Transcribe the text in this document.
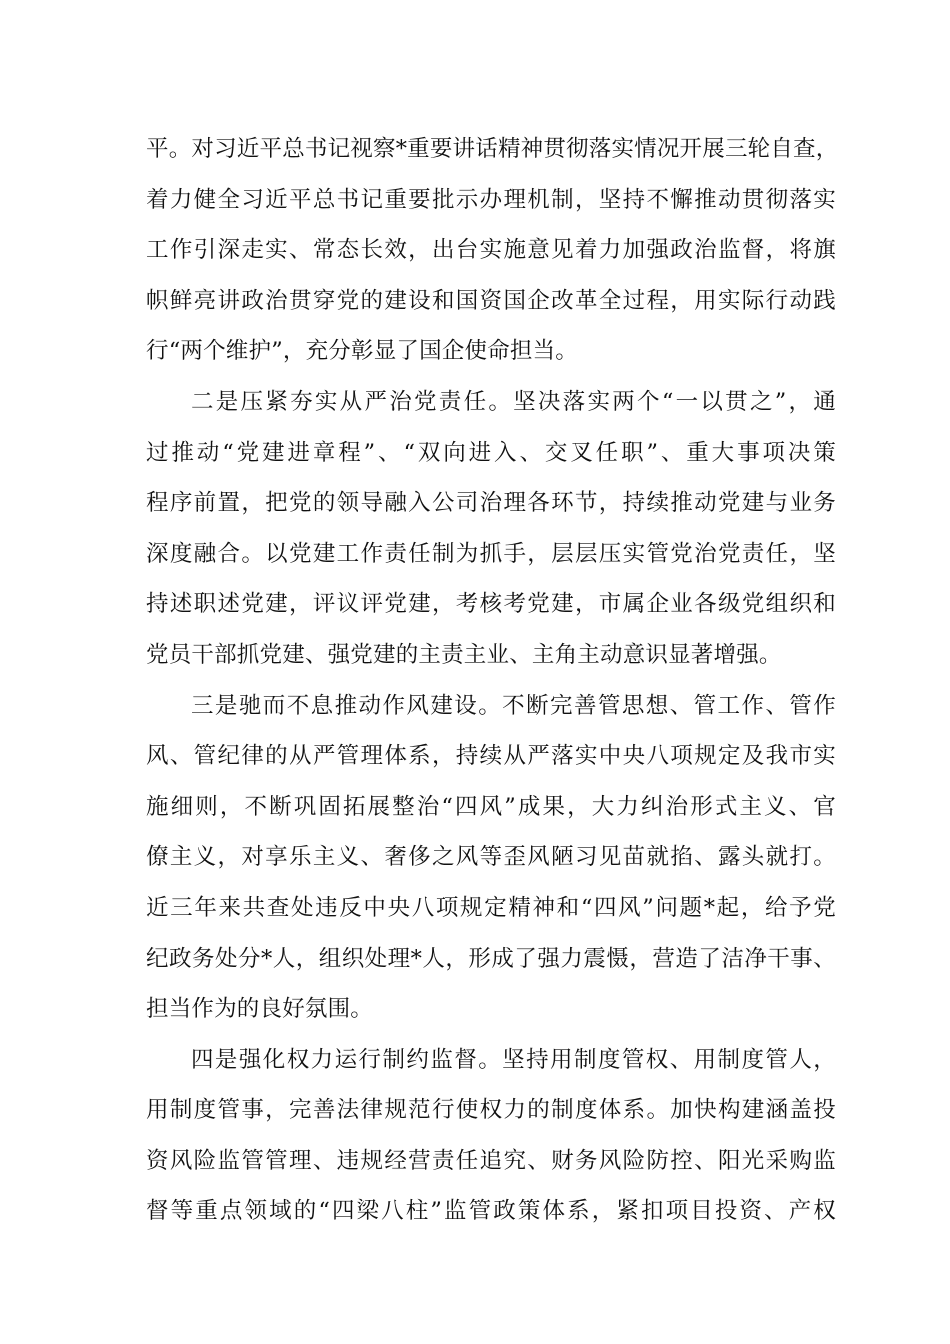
平。对习近平总书记视察*重要讲话精神贯彻落实情况开展三轮自查，
着力健全习近平总书记重要批示办理机制，坚持不懈推动贯彻落实
工作引深走实、常态长效，出台实施意见着力加强政治监督，将旗
帜鲜亮讲政治贯穿党的建设和国资国企改革全过程，用实际行动践
行“两个维护”，充分彰显了国企使命担当。
二是压紧夯实从严治党责任。坚决落实两个“一以贯之”，通
过推动“党建进章程”、“双向进入、交叉任职”、重大事项决策
程序前置，把党的领导融入公司治理各环节，持续推动党建与业务
深度融合。以党建工作责任制为抓手，层层压实管党治党责任，坚
持述职述党建，评议评党建，考核考党建，市属企业各级党组织和
党员干部抓党建、强党建的主责主业、主角主动意识显著增强。
三是驰而不息推动作风建设。不断完善管思想、管工作、管作
风、管纪律的从严管理体系，持续从严落实中央八项规定及我市实
施细则，不断巩固拓展整治“四风”成果，大力纠治形式主义、官
僚主义，对享乐主义、奢侈之风等歪风陋习见苗就掐、露头就打。
近三年来共查处违反中央八项规定精神和“四风”问题*起，给予党
纪政务处分*人，组织处理*人，形成了强力震慑，营造了洁净干事、
担当作为的良好氛围。
四是强化权力运行制约监督。坚持用制度管权、用制度管人，
用制度管事，完善法律规范行使权力的制度体系。加快构建涵盖投
资风险监管管理、违规经营责任追究、财务风险防控、阳光采购监
督等重点领域的“四梁八柱”监管政策体系，紧扣项目投资、产权
